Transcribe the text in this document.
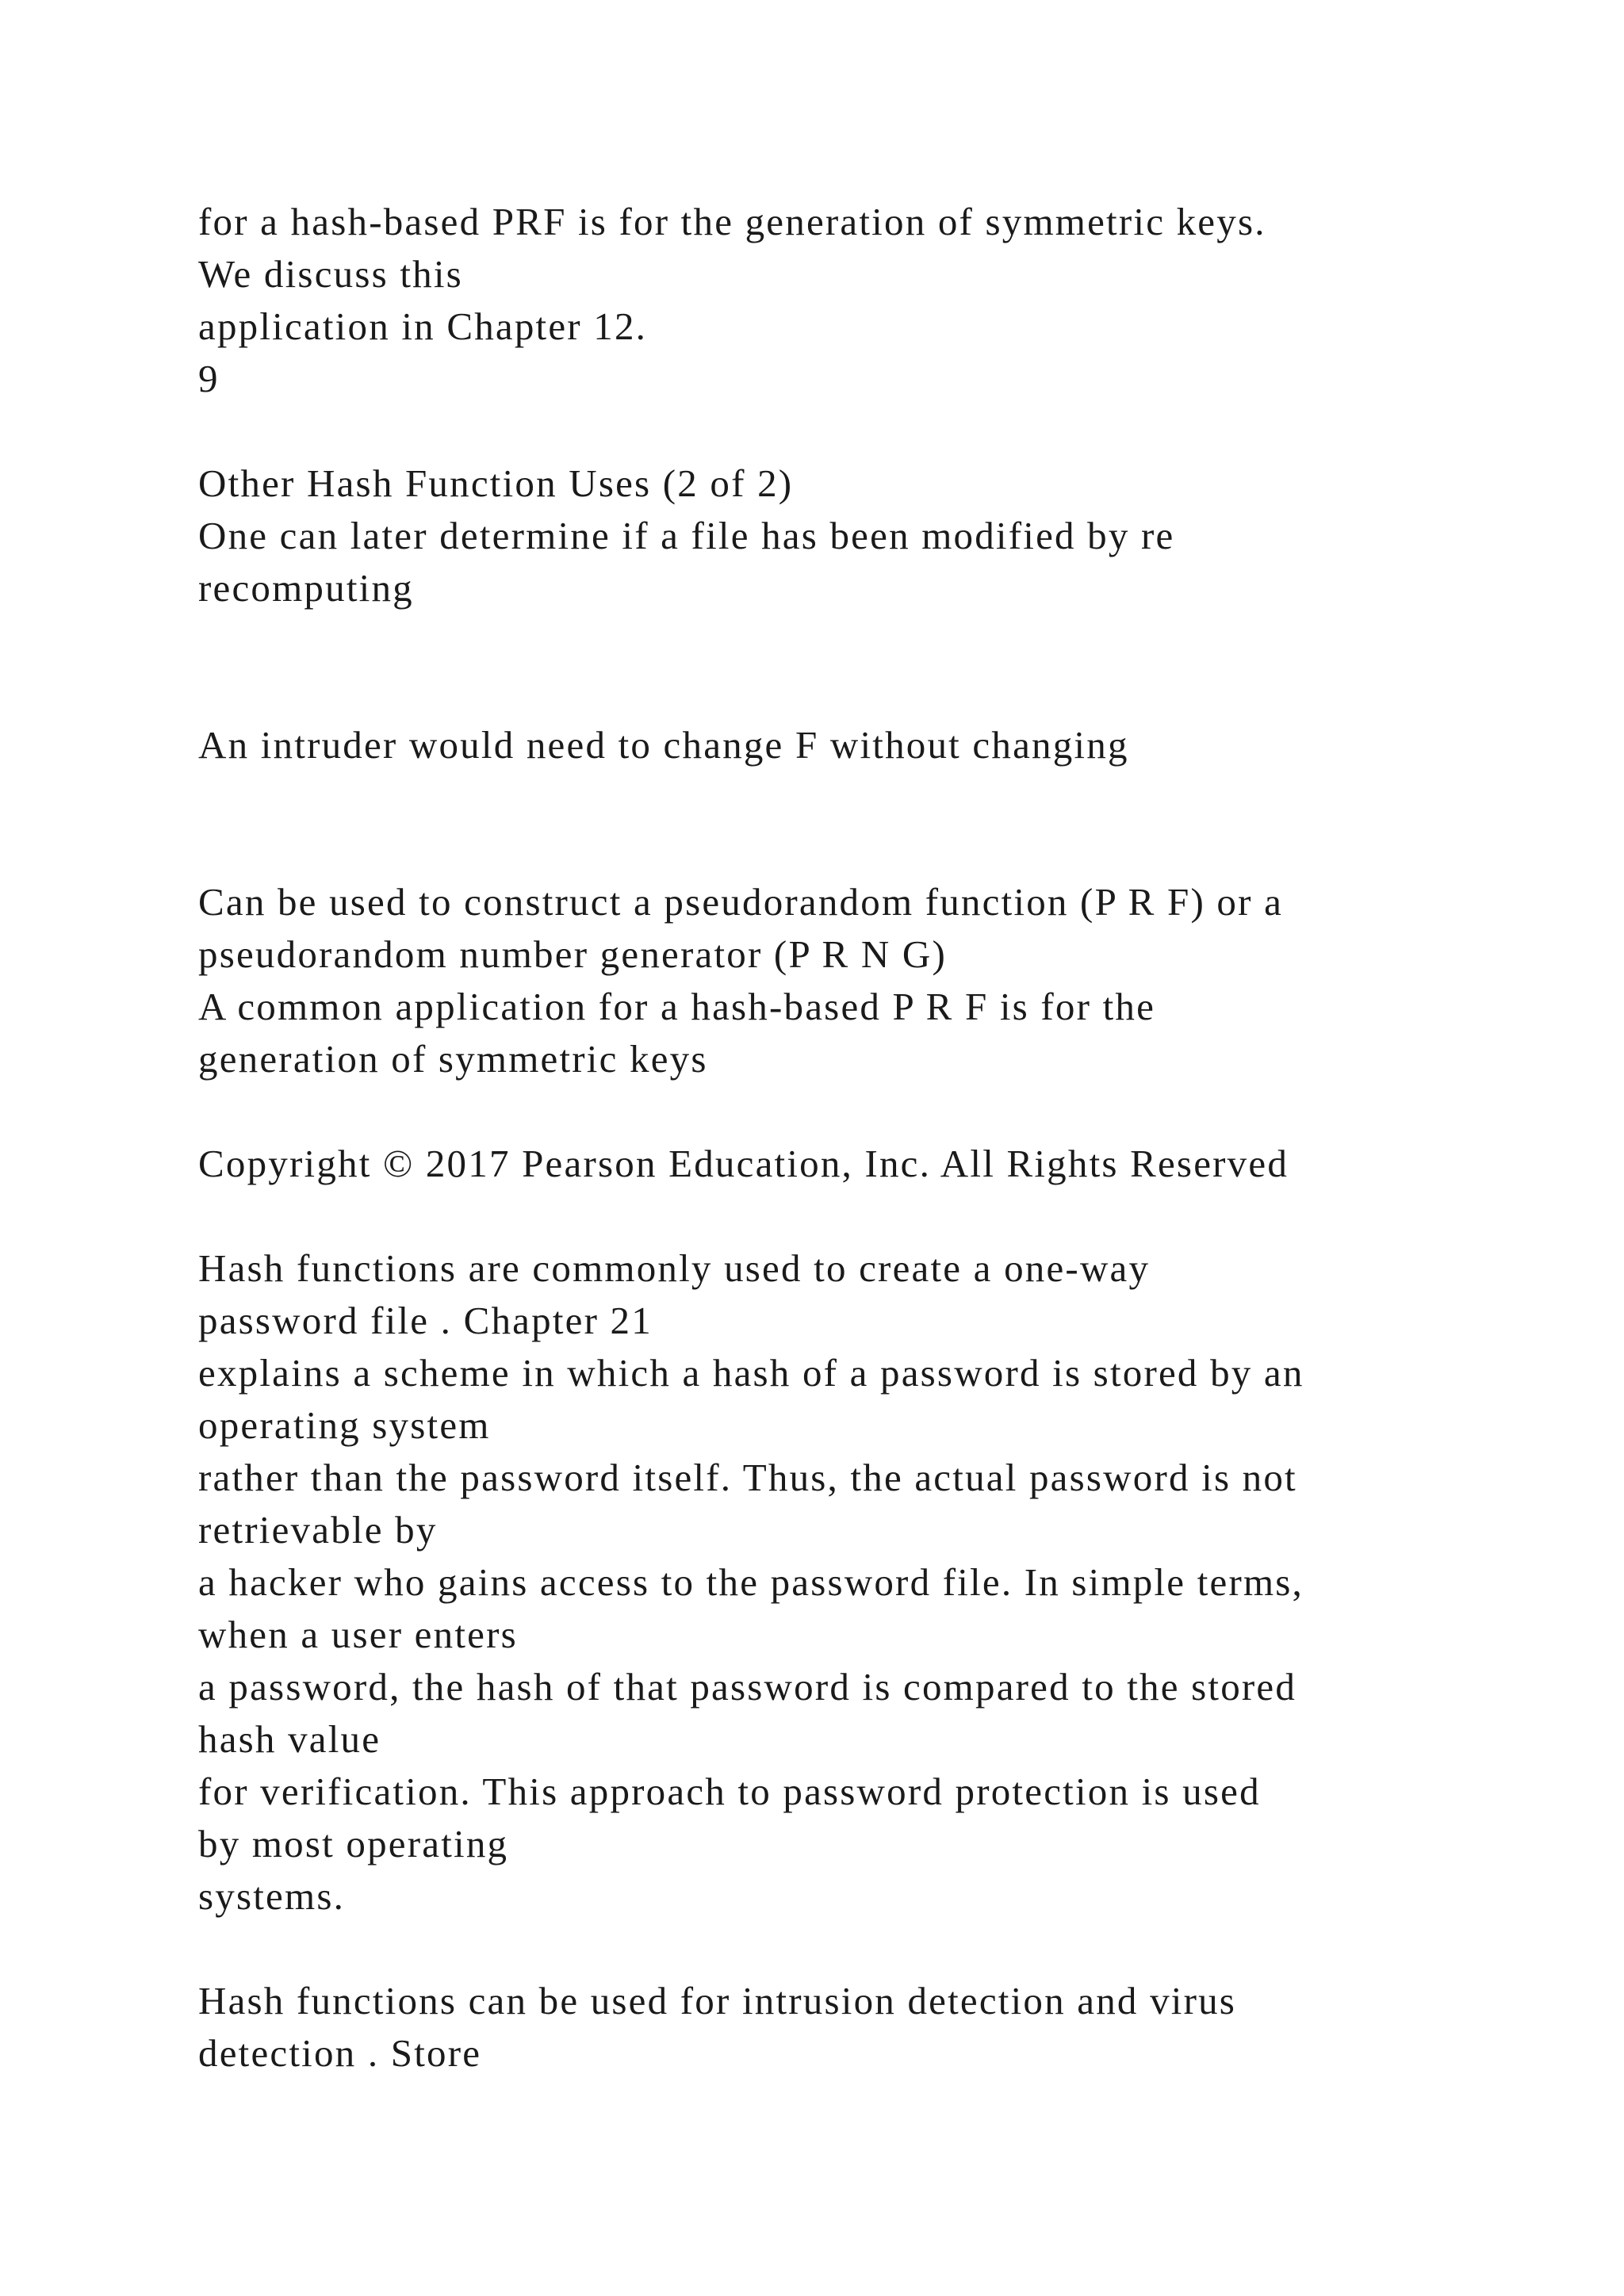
for a hash-based PRF is for the generation of symmetric keys.

We discuss this

application in Chapter 12.

9

Other Hash Function Uses (2 of 2)

One can later determine if a file has been modified by re

recomputing

An intruder would need to change F without changing

Can be used to construct a pseudorandom function (P R F) or a

pseudorandom number generator (P R N G)

A common application for a hash-based P R F is for the

generation of symmetric keys

Copyright © 2017 Pearson Education, Inc. All Rights Reserved

Hash functions are commonly used to create a one-way

password file . Chapter 21

explains a scheme in which a hash of a password is stored by an

operating system

rather than the password itself. Thus, the actual password is not

retrievable by

a hacker who gains access to the password file. In simple terms,

when a user enters

a password, the hash of that password is compared to the stored

hash value

for verification. This approach to password protection is used

by most operating

systems.

Hash functions can be used for intrusion detection and virus

detection . Store
